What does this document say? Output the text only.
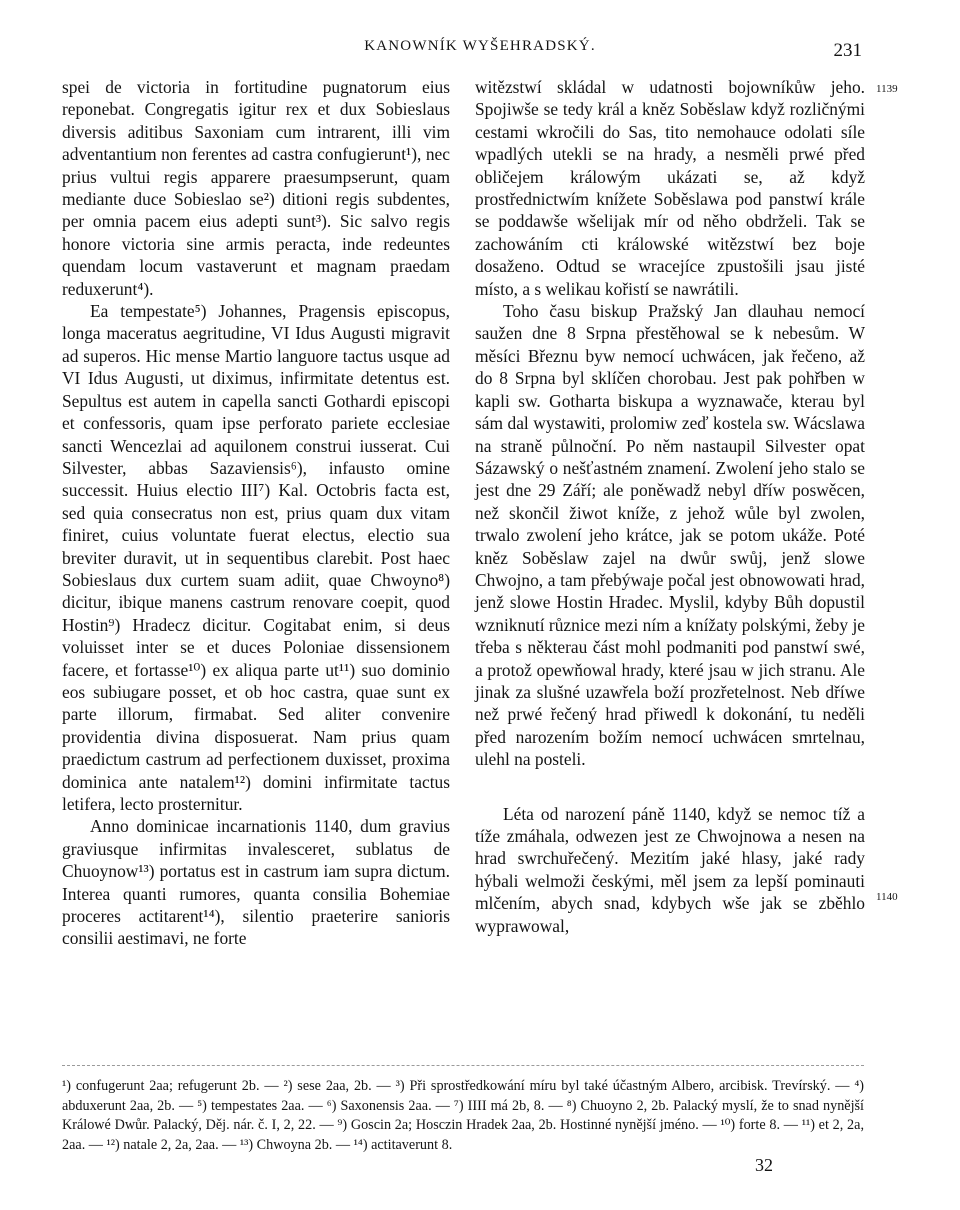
KANOWNÍK WYŠEHRADSKÝ.	231

spei de victoria in fortitudine pugnatorum eius reponebat. Congregatis igitur rex et dux Sobieslaus diversis aditibus Saxoniam cum intrarent, illi vim adventantium non ferentes ad castra confugierunt¹), nec prius vultui regis apparere praesumpserunt, quam mediante duce Sobieslao se²) ditioni regis subdentes, per omnia pacem eius adepti sunt³). Sic salvo regis honore victoria sine armis peracta, inde redeuntes quendam locum vastaverunt et magnam praedam reduxerunt⁴).

Ea tempestate⁵) Johannes, Pragensis episcopus, longa maceratus aegritudine, VI Idus Augusti migravit ad superos. Hic mense Martio languore tactus usque ad VI Idus Augusti, ut diximus, infirmitate detentus est. Sepultus est autem in capella sancti Gothardi episcopi et confessoris, quam ipse perforato pariete ecclesiae sancti Wencezlai ad aquilonem construi iusserat. Cui Silvester, abbas Sazaviensis⁶), infausto omine successit. Huius electio III⁷) Kal. Octobris facta est, sed quia consecratus non est, prius quam dux vitam finiret, cuius voluntate fuerat electus, electio sua breviter duravit, ut in sequentibus clarebit. Post haec Sobieslaus dux curtem suam adiit, quae Chwoyno⁸) dicitur, ibique manens castrum renovare coepit, quod Hostin⁹) Hradecz dicitur. Cogitabat enim, si deus voluisset inter se et duces Poloniae dissensionem facere, et fortasse¹⁰) ex aliqua parte ut¹¹) suo dominio eos subiugare posset, et ob hoc castra, quae sunt ex parte illorum, firmabat. Sed aliter convenire providentia divina disposuerat. Nam prius quam praedictum castrum ad perfectionem duxisset, proxima dominica ante natalem¹²) domini infirmitate tactus letifera, lecto prosternitur.

Anno dominicae incarnationis 1140, dum gravius graviusque infirmitas invalesceret, sublatus de Chuoynow¹³) portatus est in castrum iam supra dictum. Interea quanti rumores, quanta consilia Bohemiae proceres actitarent¹⁴), silentio praeterire sanioris consilii aestimavi, ne forte

witězstwí skládal w udatnosti bojowníkůw jeho. Spojiwše se tedy král a kněz Soběslaw když rozličnými cestami wkročili do Sas, tito nemohauce odolati síle wpadlých utekli se na hrady, a nesměli prwé před obličejem králowým ukázati se, až když prostřednictwím knížete Soběslawa pod panstwí krále se poddawše wšelijak mír od něho obdrželi. Tak se zachowáním cti králowské witězstwí bez boje dosaženo. Odtud se wracejíce zpustošili jsau jisté místo, a s welikau kořistí se nawrátili.

Toho času biskup Pražský Jan dlauhau nemocí saužen dne 8 Srpna přestěhowal se k nebesům. W měsíci Březnu byw nemocí uchwácen, jak řečeno, až do 8 Srpna byl sklíčen chorobau. Jest pak pohřben w kapli sw. Gotharta biskupa a wyznawače, kterau byl sám dal wystawiti, prolomiw zeď kostela sw. Wácslawa na straně půlnoční. Po něm nastaupil Silvester opat Sázawský o nešťastném znamení. Zwolení jeho stalo se jest dne 29 Září; ale poněwadž nebyl dříw poswěcen, než skončil žiwot kníže, z jehož wůle byl zwolen, trwalo zwolení jeho krátce, jak se potom ukáže. Poté kněz Soběslaw zajel na dwůr swůj, jenž slowe Chwojno, a tam přebýwaje počal jest obnowowati hrad, jenž slowe Hostin Hradec. Myslil, kdyby Bůh dopustil wzniknutí různice mezi ním a knížaty polskými, žeby je třeba s některau část mohl podmaniti pod panstwí swé, a protož opewňowal hrady, které jsau w jich stranu. Ale jinak za slušné uzawřela boží prozřetelnost. Neb dříwe než prwé řečený hrad přiwedl k dokonání, tu neděli před narozením božím nemocí uchwácen smrtelnau, ulehl na posteli.

Léta od narození páně 1140, když se nemoc tíž a tíže zmáhala, odwezen jest ze Chwojnowa a nesen na hrad swrchuřečený. Mezitím jaké hlasy, jaké rady hýbali welmoži českými, měl jsem za lepší pominauti mlčením, abych snad, kdybych wše jak se zběhlo wyprawowal,

1139
1140
¹) confugerunt 2aa; refugerunt 2b. — ²) sese 2aa, 2b. — ³) Při sprostředkowání míru byl také účastným Albero, arcibisk. Trevírský. — ⁴) abduxerunt 2aa, 2b. — ⁵) tempestates 2aa. — ⁶) Saxonensis 2aa. — ⁷) IIII má 2b, 8. — ⁸) Chuoyno 2, 2b. Palacký myslí, že to snad nynější Králowé Dwůr. Palacký, Děj. nár. č. I, 2, 22. — ⁹) Goscin 2a; Hosczin Hradek 2aa, 2b. Hostinné nynější jméno. — ¹⁰) forte 8. — ¹¹) et 2, 2a, 2aa. — ¹²) natale 2, 2a, 2aa. — ¹³) Chwoyna 2b. — ¹⁴) actitaverunt 8.
32
